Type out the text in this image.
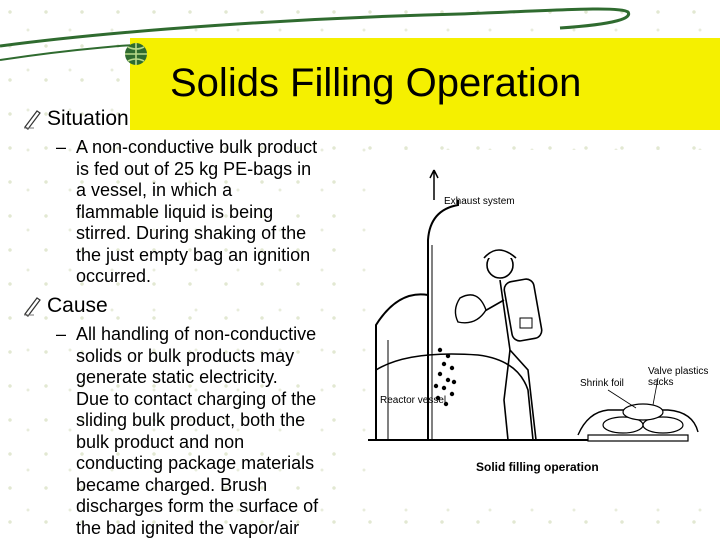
Solids Filling Operation
Situation
– A non-conductive bulk product
is fed out of 25 kg PE-bags in
a vessel, in which a
flammable liquid is being
stirred. During shaking of the
the just empty bag an ignition
occurred.
Cause
– All handling of non-conductive
solids or bulk products may
generate static electricity.
Due to contact charging of the
sliding bulk product, both the
bulk product and non
conducting package materials
became charged. Brush
discharges form the surface of
the bad ignited the vapor/air
Exhaust system
Valve plastics
sacks
Shrink foil
Reactor vessel
Solid filling operation
